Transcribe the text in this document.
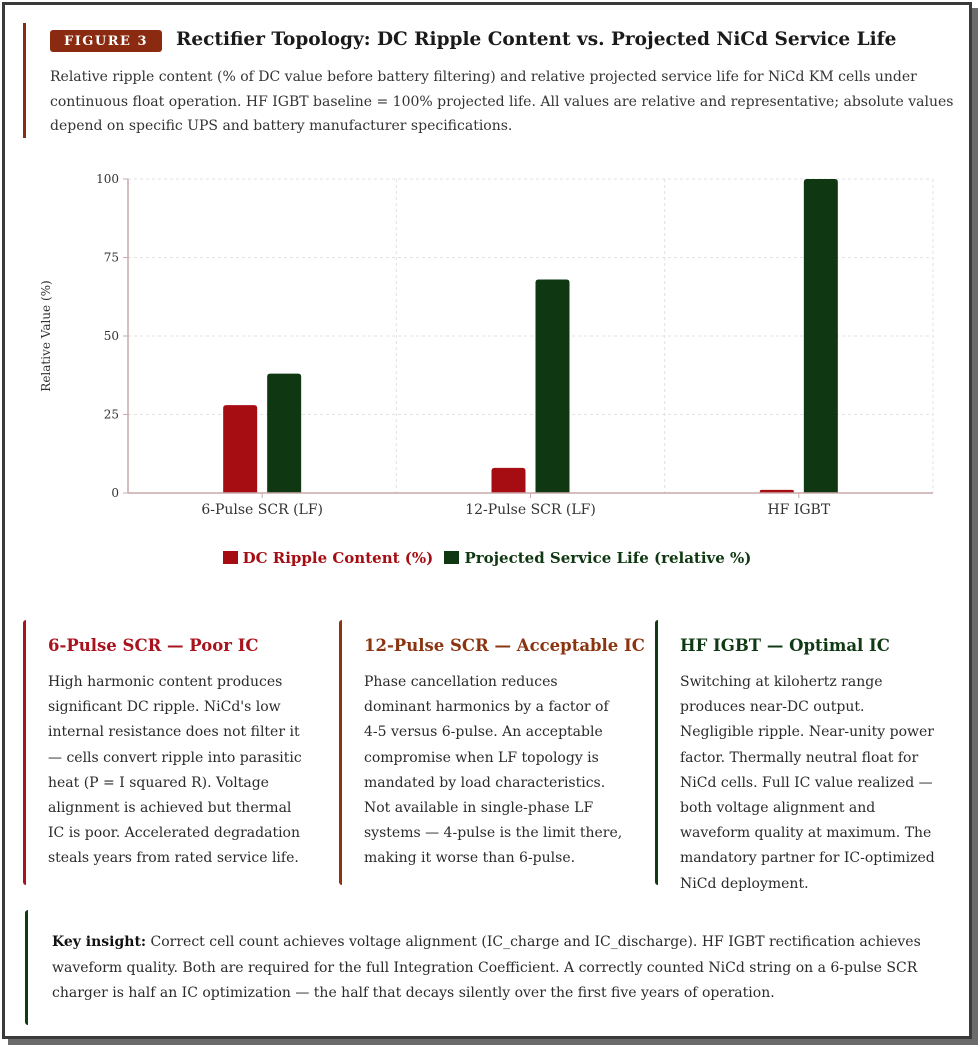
FIGURE 3	Rectifier Topology: DC Ripple Content vs. Projected NiCd Service Life
Relative ripple content (% of DC value before battery filtering) and relative projected service life for NiCd KM cells under continuous float operation. HF IGBT baseline = 100% projected life. All values are relative and representative; absolute values depend on specific UPS and battery manufacturer specifications.
0
25
50
75
100
6-Pulse SCR (LF)	12-Pulse SCR (LF)	HF IGBT
Relative Value (%)
DC Ripple Content (%) Projected Service Life (relative %)
6-Pulse SCR — Poor IC
High harmonic content produces significant DC ripple. NiCd's low internal resistance does not filter it — cells convert ripple into parasitic heat (P = I squared R). Voltage alignment is achieved but thermal IC is poor. Accelerated degradation steals years from rated service life.
12-Pulse SCR — Acceptable IC
Phase cancellation reduces dominant harmonics by a factor of 4-5 versus 6-pulse. An acceptable compromise when LF topology is mandated by load characteristics. Not available in single-phase LF systems — 4-pulse is the limit there, making it worse than 6-pulse.
HF IGBT — Optimal IC
Switching at kilohertz range produces near-DC output. Negligible ripple. Near-unity power factor. Thermally neutral float for NiCd cells. Full IC value realized — both voltage alignment and waveform quality at maximum. The mandatory partner for IC-optimized NiCd deployment.
Key insight: Correct cell count achieves voltage alignment (IC_charge and IC_discharge). HF IGBT rectification achieves waveform quality. Both are required for the full Integration Coefficient. A correctly counted NiCd string on a 6-pulse SCR charger is half an IC optimization — the half that decays silently over the first five years of operation.
